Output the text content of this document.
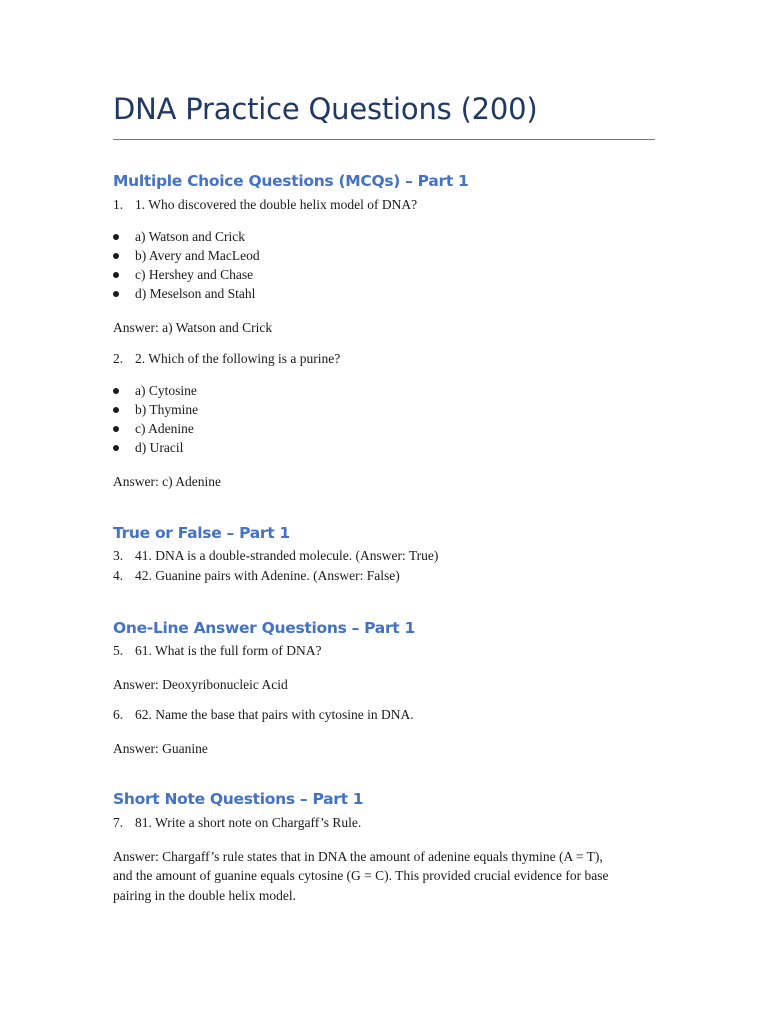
DNA Practice Questions (200)
Multiple Choice Questions (MCQs) – Part 1
1. 1. Who discovered the double helix model of DNA?
a) Watson and Crick
b) Avery and MacLeod
c) Hershey and Chase
d) Meselson and Stahl
Answer: a) Watson and Crick
2. 2. Which of the following is a purine?
a) Cytosine
b) Thymine
c) Adenine
d) Uracil
Answer: c) Adenine
True or False – Part 1
3. 41. DNA is a double-stranded molecule. (Answer: True)
4. 42. Guanine pairs with Adenine. (Answer: False)
One-Line Answer Questions – Part 1
5. 61. What is the full form of DNA?
Answer: Deoxyribonucleic Acid
6. 62. Name the base that pairs with cytosine in DNA.
Answer: Guanine
Short Note Questions – Part 1
7. 81. Write a short note on Chargaff’s Rule.
Answer: Chargaff’s rule states that in DNA the amount of adenine equals thymine (A = T),
and the amount of guanine equals cytosine (G = C). This provided crucial evidence for base
pairing in the double helix model.
